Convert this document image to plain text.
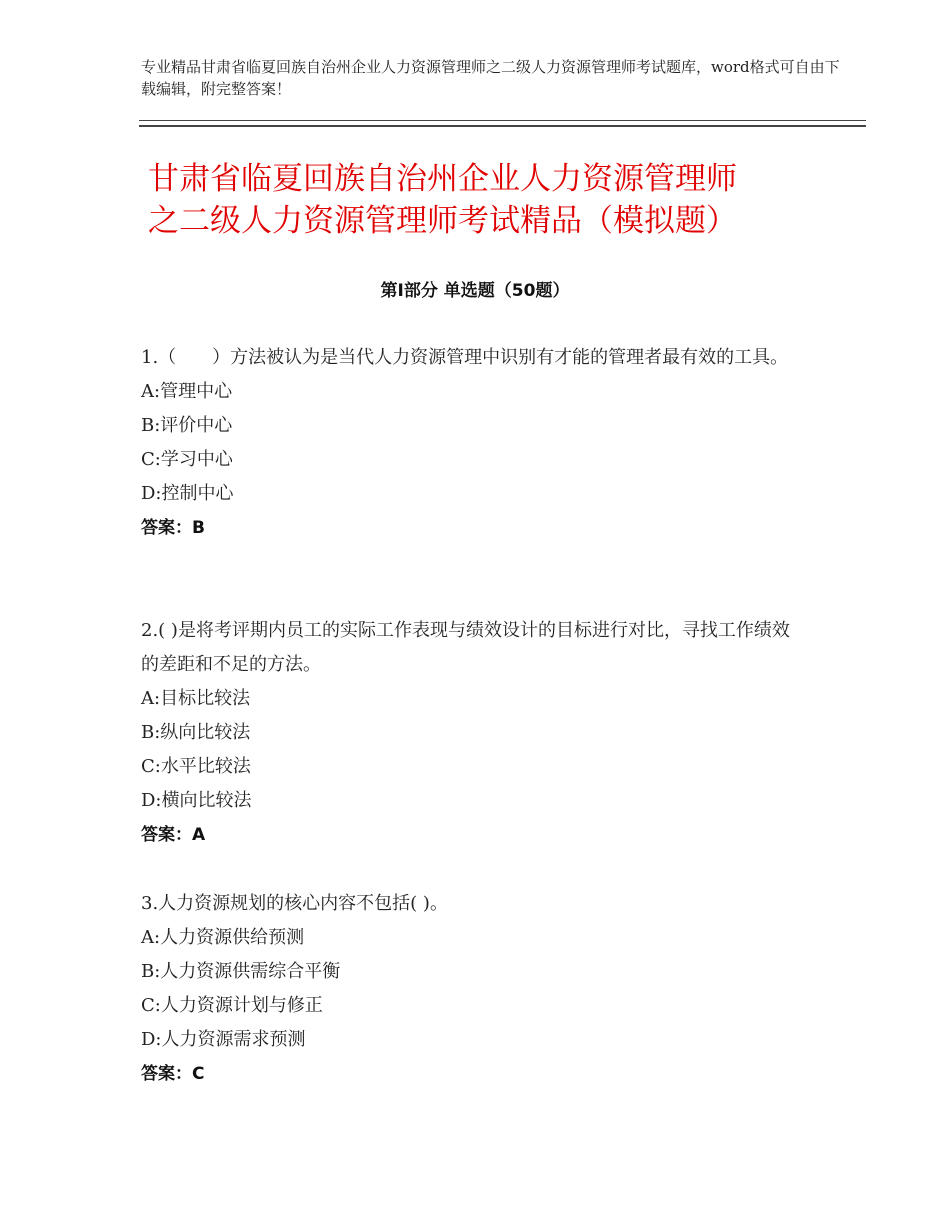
专业精品甘肃省临夏回族自治州企业人力资源管理师之二级人力资源管理师考试题库，word格式可自由下载编辑，附完整答案！
甘肃省临夏回族自治州企业人力资源管理师
之二级人力资源管理师考试精品（模拟题）
第Ⅰ部分 单选题（50题）

1.（　　）方法被认为是当代人力资源管理中识别有才能的管理者最有效的工具。

A:管理中心

B:评价中心

C:学习中心

D:控制中心

答案：B

2.( )是将考评期内员工的实际工作表现与绩效设计的目标进行对比，寻找工作绩效的差距和不足的方法。

A:目标比较法

B:纵向比较法

C:水平比较法

D:横向比较法

答案：A

3.人力资源规划的核心内容不包括( )。

A:人力资源供给预测

B:人力资源供需综合平衡

C:人力资源计划与修正

D:人力资源需求预测

答案：C
